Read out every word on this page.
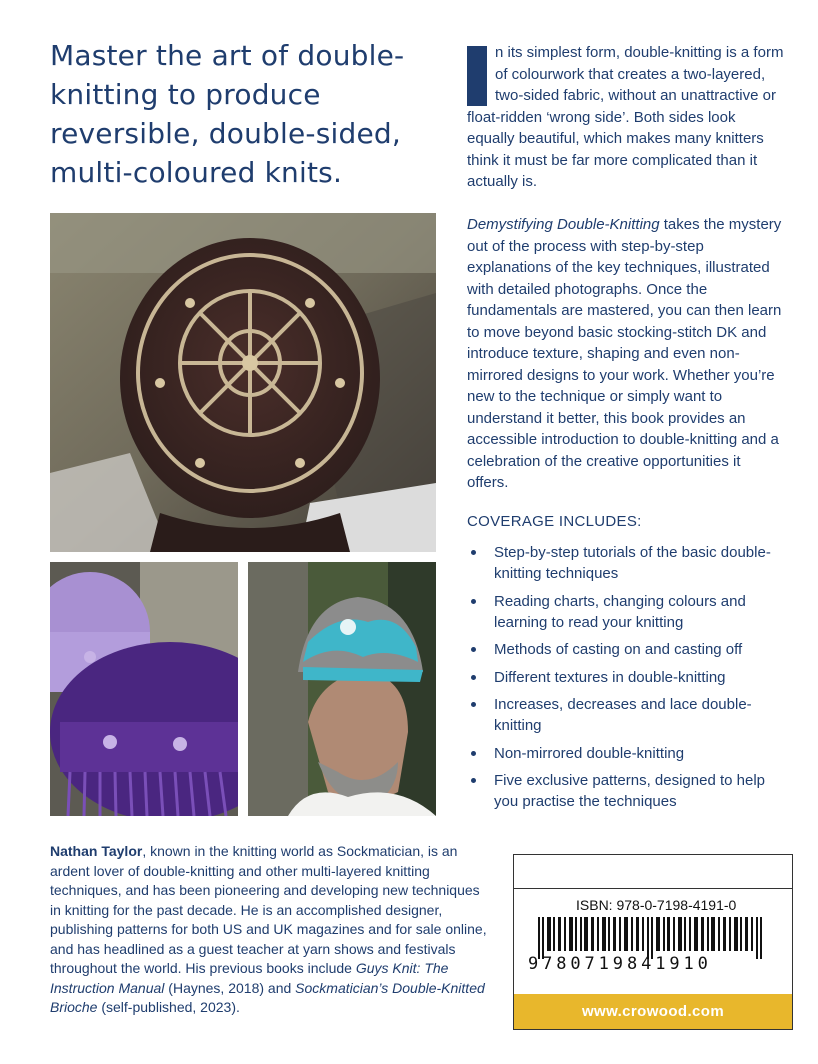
Master the art of double-knitting to produce reversible, double-sided, multi-coloured knits.

n its simplest form, double-knitting is a form of colourwork that creates a two-layered, two-sided fabric, without an unattractive or float-ridden ‘wrong side’. Both sides look equally beautiful, which makes many knitters think it must be far more complicated than it actually is.

Demystifying Double-Knitting takes the mystery out of the process with step-by-step explanations of the key techniques, illustrated with detailed photographs. Once the fundamentals are mastered, you can then learn to move beyond basic stocking-stitch DK and introduce texture, shaping and even non-mirrored designs to your work. Whether you’re new to the technique or simply want to understand it better, this book provides an accessible introduction to double-knitting and a celebration of the creative opportunities it offers.

COVERAGE INCLUDES:
Step-by-step tutorials of the basic double-knitting techniques
Reading charts, changing colours and learning to read your knitting
Methods of casting on and casting off
Different textures in double-knitting
Increases, decreases and lace double-knitting
Non-mirrored double-knitting
Five exclusive patterns, designed to help you practise the techniques

Nathan Taylor, known in the knitting world as Sockmatician, is an ardent lover of double-knitting and other multi-layered knitting techniques, and has been pioneering and developing new techniques in knitting for the past decade. He is an accomplished designer, publishing patterns for both US and UK magazines and for sale online, and has headlined as a guest teacher at yarn shows and festivals throughout the world. His previous books include Guys Knit: The Instruction Manual (Haynes, 2018) and Sockmatician’s Double-Knitted Brioche (self-published, 2023).

ISBN: 978-0-7198-4191-0
9780719841910
www.crowood.com
